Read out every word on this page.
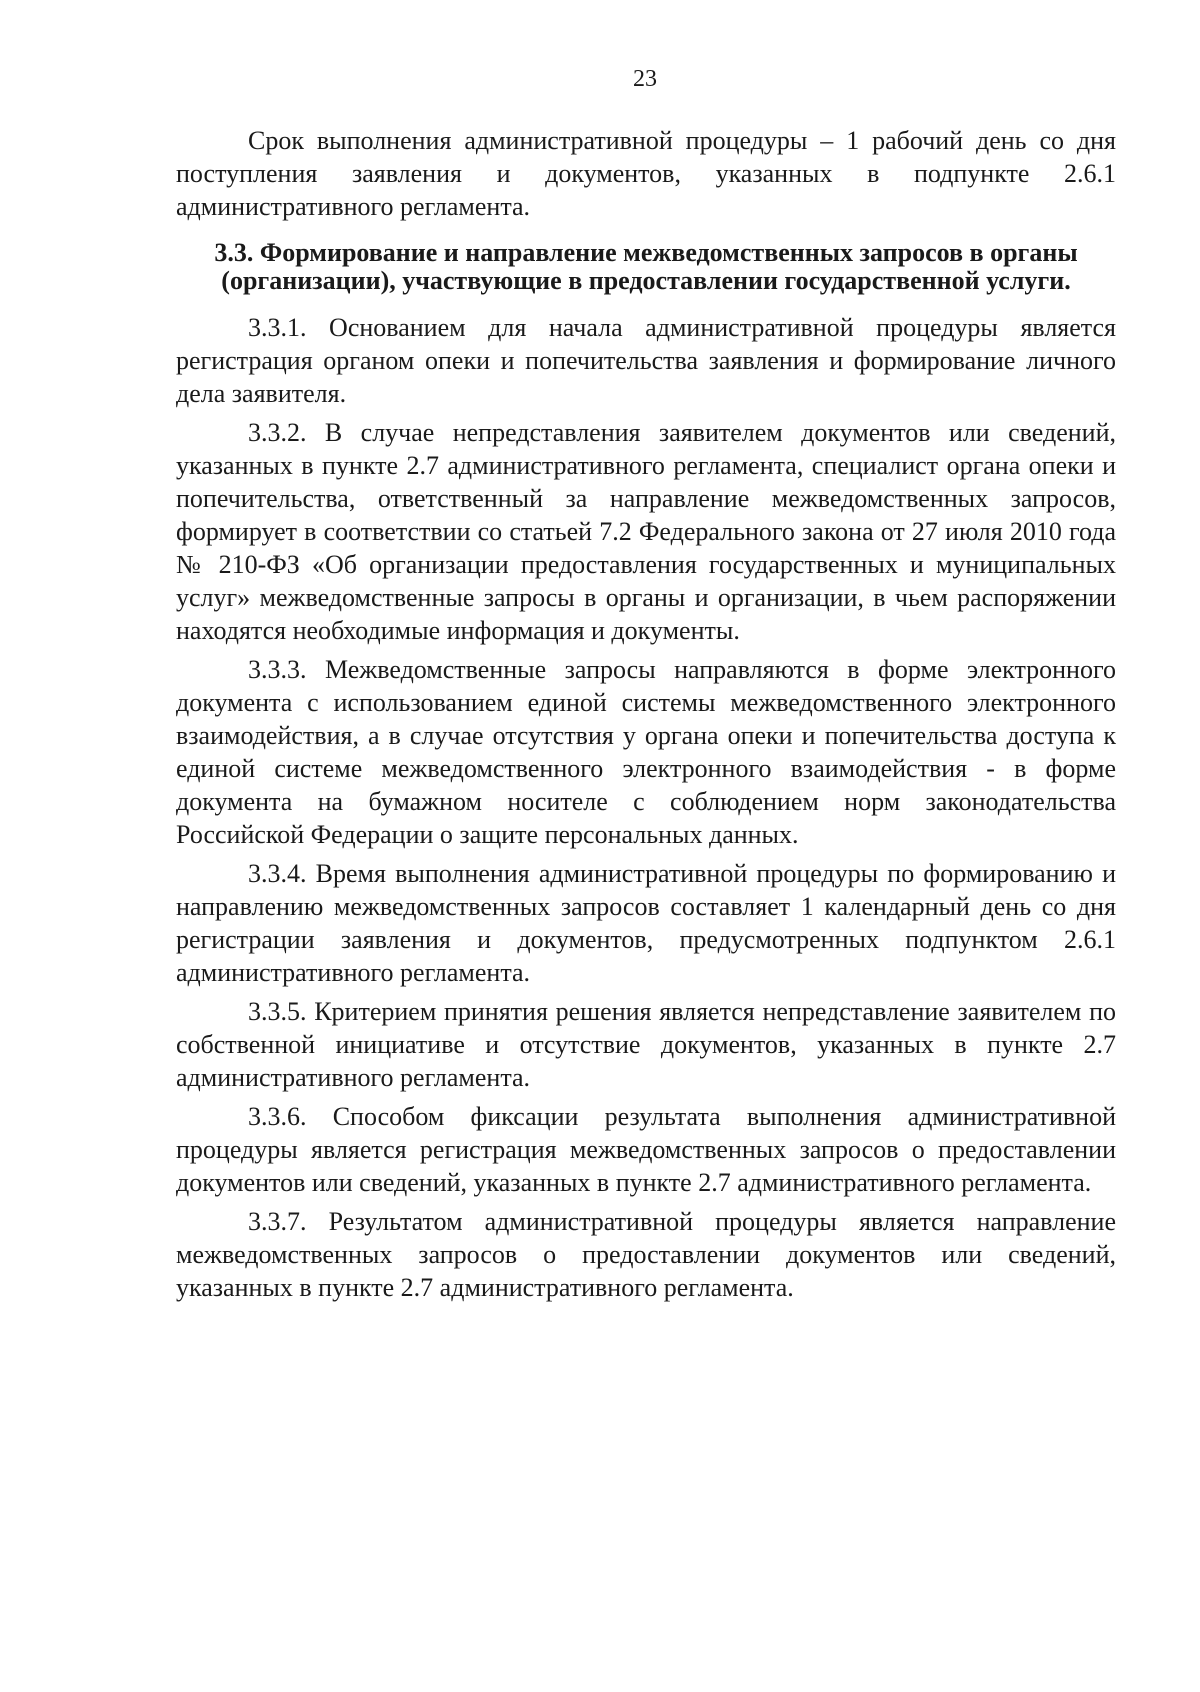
23

Срок выполнения административной процедуры – 1 рабочий день со дня поступления заявления и документов, указанных в подпункте 2.6.1 административного регламента.

3.3. Формирование и направление межведомственных запросов в органы (организации), участвующие в предоставлении государственной услуги.

3.3.1. Основанием для начала административной процедуры является регистрация органом опеки и попечительства заявления и формирование личного дела заявителя.

3.3.2. В случае непредставления заявителем документов или сведений, указанных в пункте 2.7 административного регламента, специалист органа опеки и попечительства, ответственный за направление межведомственных запросов, формирует в соответствии со статьей 7.2 Федерального закона от 27 июля 2010 года № 210-ФЗ «Об организации предоставления государственных и муниципальных услуг» межведомственные запросы в органы и организации, в чьем распоряжении находятся необходимые информация и документы.

3.3.3. Межведомственные запросы направляются в форме электронного документа с использованием единой системы межведомственного электронного взаимодействия, а в случае отсутствия у органа опеки и попечительства доступа к единой системе межведомственного электронного взаимодействия - в форме документа на бумажном носителе с соблюдением норм законодательства Российской Федерации о защите персональных данных.

3.3.4. Время выполнения административной процедуры по формированию и направлению межведомственных запросов составляет 1 календарный день со дня регистрации заявления и документов, предусмотренных подпунктом 2.6.1 административного регламента.

3.3.5. Критерием принятия решения является непредставление заявителем по собственной инициативе и отсутствие документов, указанных в пункте 2.7 административного регламента.

3.3.6. Способом фиксации результата выполнения административной процедуры является регистрация межведомственных запросов о предоставлении документов или сведений, указанных в пункте 2.7 административного регламента.

3.3.7. Результатом административной процедуры является направление межведомственных запросов о предоставлении документов или сведений, указанных в пункте 2.7 административного регламента.
